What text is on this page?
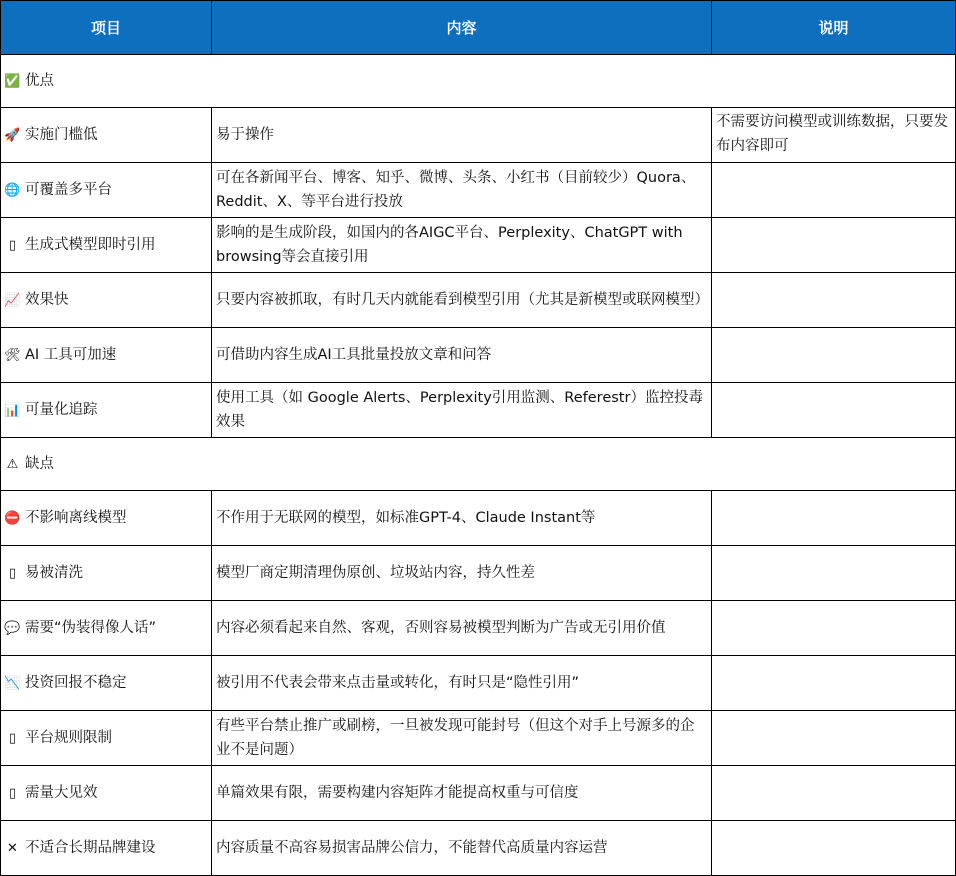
项目	内容	说明
✅ 优点		
🚀 实施门槛低	易于操作	不需要访问模型或训练数据，只要发布内容即可
🌐 可覆盖多平台	可在各新闻平台、博客、知乎、微博、头条、小红书（目前较少）Quora、Reddit、X、等平台进行投放	
▯ 生成式模型即时引用	影响的是生成阶段，如国内的各AIGC平台、Perplexity、ChatGPT with browsing等会直接引用	
📈 效果快	只要内容被抓取，有时几天内就能看到模型引用（尤其是新模型或联网模型）	
🛠 AI 工具可加速	可借助内容生成AI工具批量投放文章和问答	
📊 可量化追踪	使用工具（如 Google Alerts、Perplexity引用监测、Referestr）监控投毒效果	
⚠ 缺点		
⛔ 不影响离线模型	不作用于无联网的模型，如标准GPT-4、Claude Instant等	
▯ 易被清洗	模型厂商定期清理伪原创、垃圾站内容，持久性差	
💬 需要“伪装得像人话”	内容必须看起来自然、客观，否则容易被模型判断为广告或无引用价值	
📉 投资回报不稳定	被引用不代表会带来点击量或转化，有时只是“隐性引用”	
▯ 平台规则限制	有些平台禁止推广或刷榜，一旦被发现可能封号（但这个对手上号源多的企业不是问题）	
▯ 需量大见效	单篇效果有限，需要构建内容矩阵才能提高权重与可信度	
✕ 不适合长期品牌建设	内容质量不高容易损害品牌公信力，不能替代高质量内容运营	
